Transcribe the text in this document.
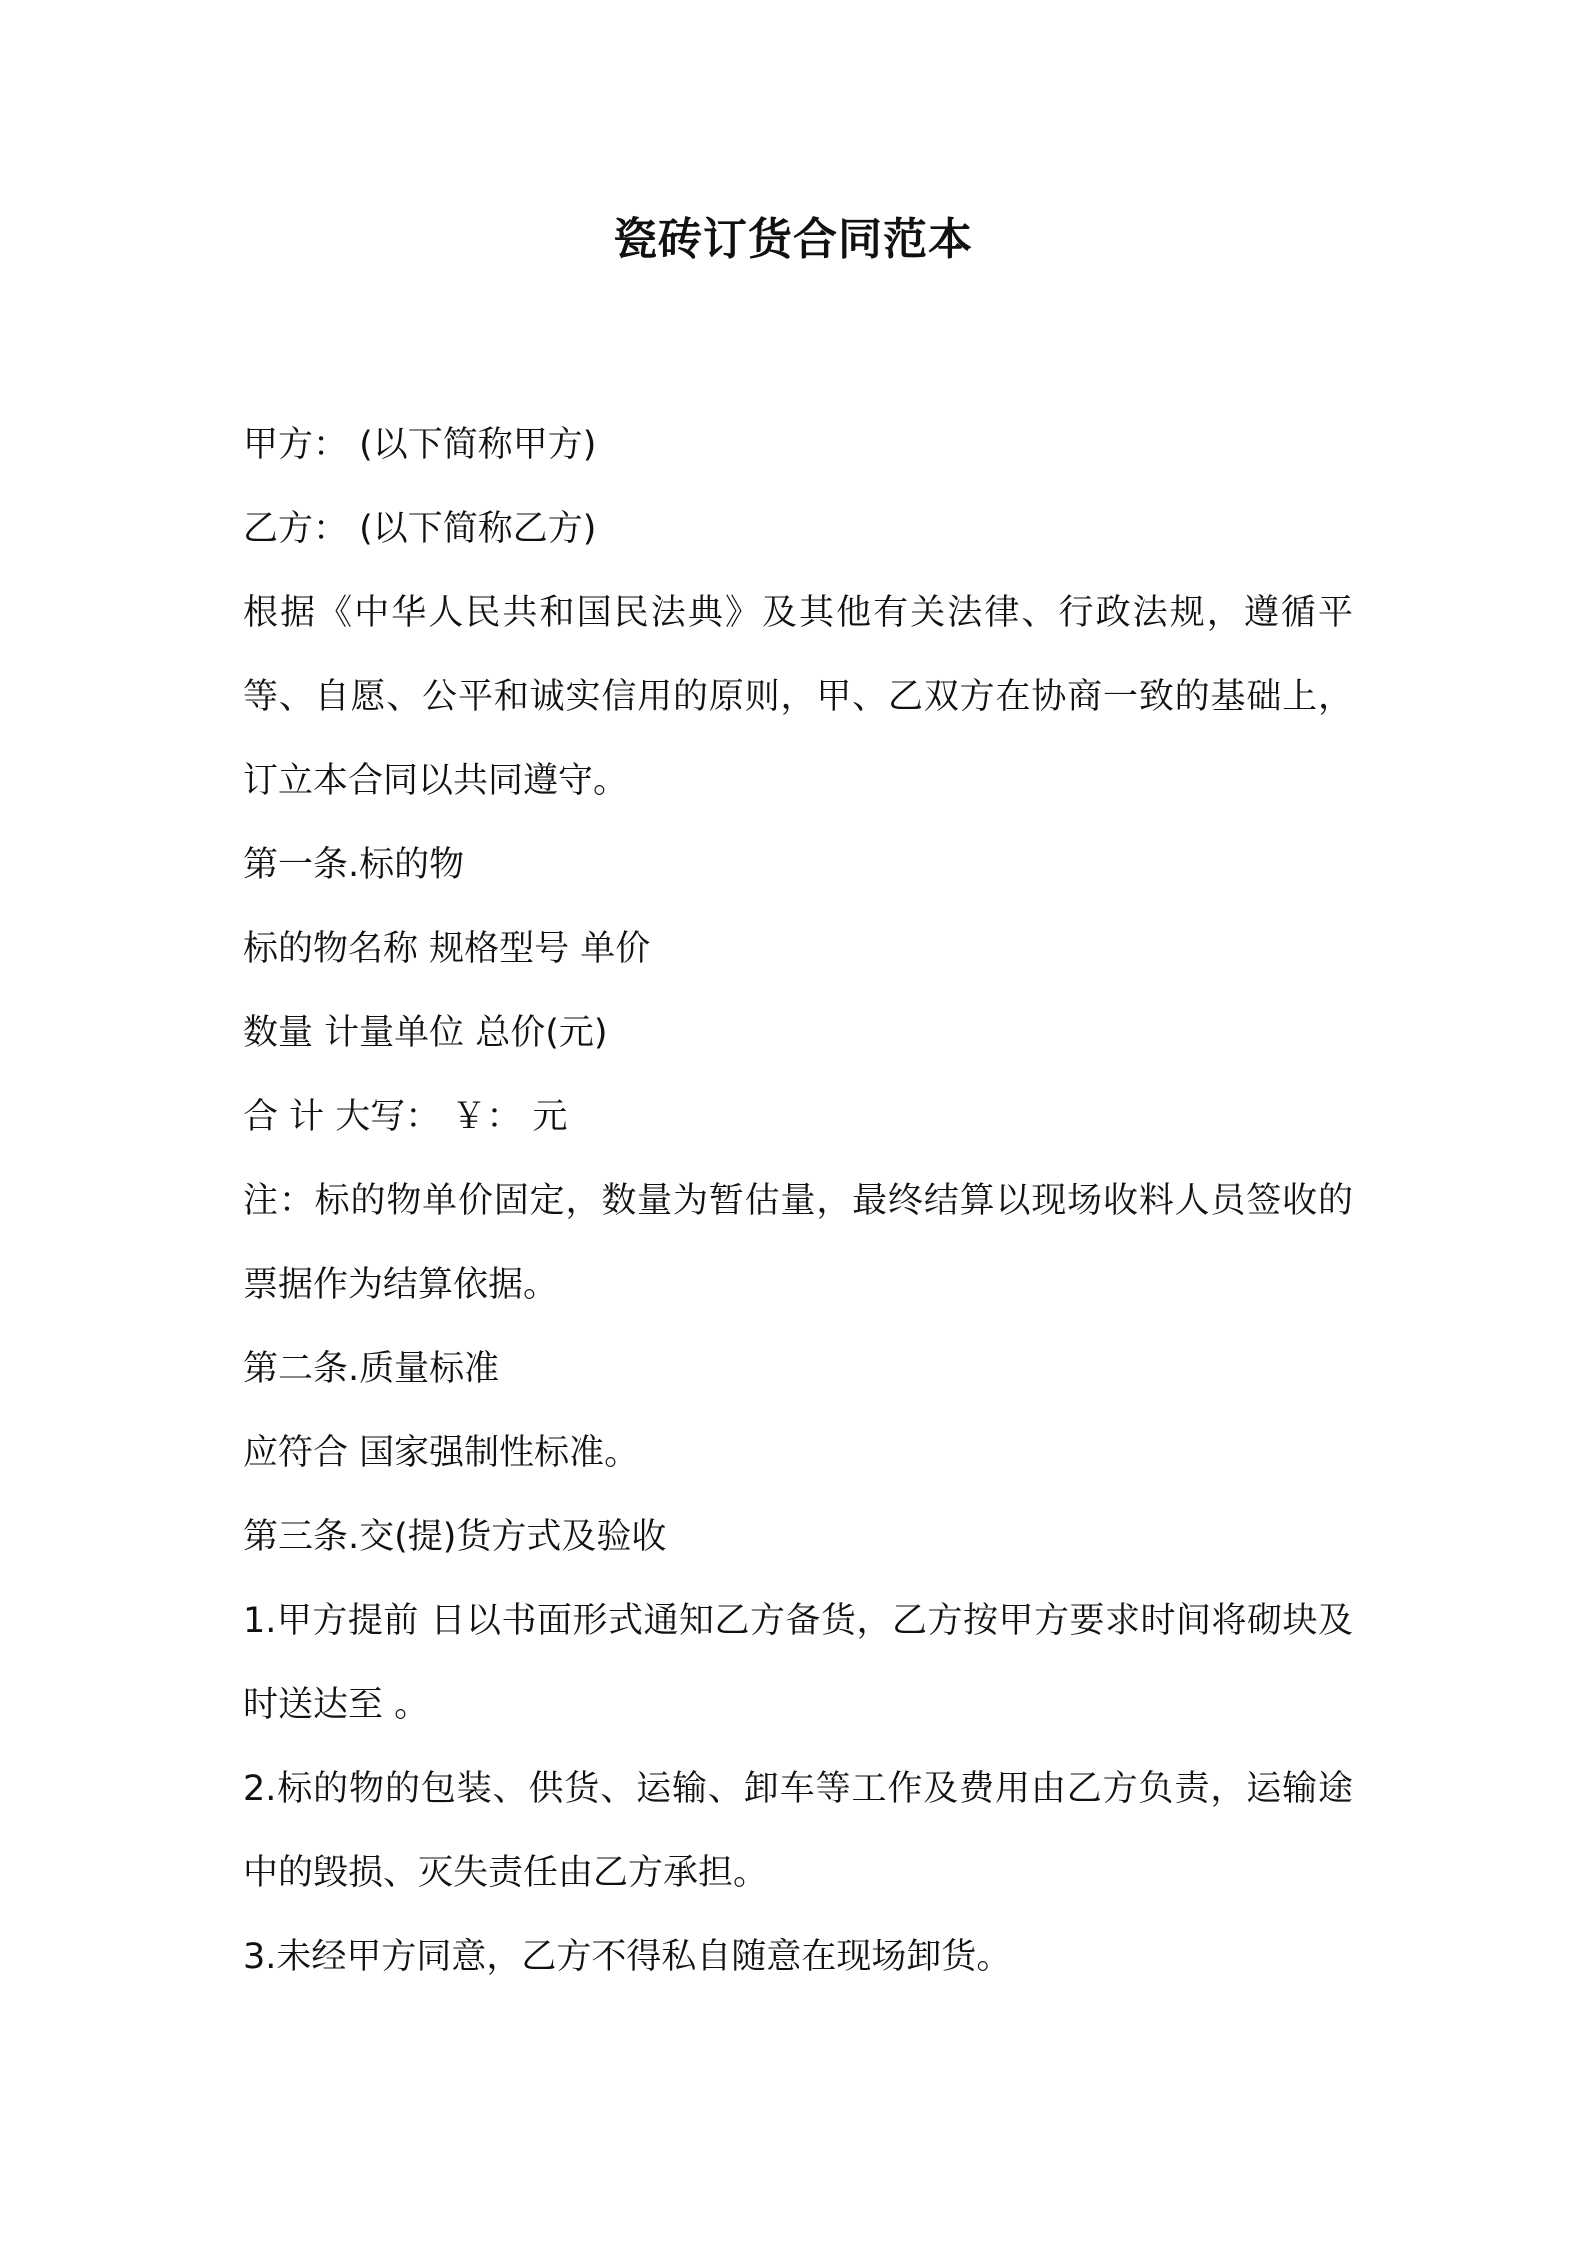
瓷砖订货合同范本

甲方： (以下简称甲方)

乙方： (以下简称乙方)

根据《中华人民共和国民法典》及其他有关法律、行政法规，遵循平等、自愿、公平和诚实信用的原则，甲、乙双方在协商一致的基础上，订立本合同以共同遵守。

第一条.标的物

标的物名称 规格型号 单价

数量 计量单位 总价(元)

合 计 大写： ￥： 元

注：标的物单价固定，数量为暂估量，最终结算以现场收料人员签收的票据作为结算依据。

第二条.质量标准

应符合 国家强制性标准。

第三条.交(提)货方式及验收

1.甲方提前 日以书面形式通知乙方备货，乙方按甲方要求时间将砌块及时送达至 。

2.标的物的包装、供货、运输、卸车等工作及费用由乙方负责，运输途中的毁损、灭失责任由乙方承担。

3.未经甲方同意，乙方不得私自随意在现场卸货。
